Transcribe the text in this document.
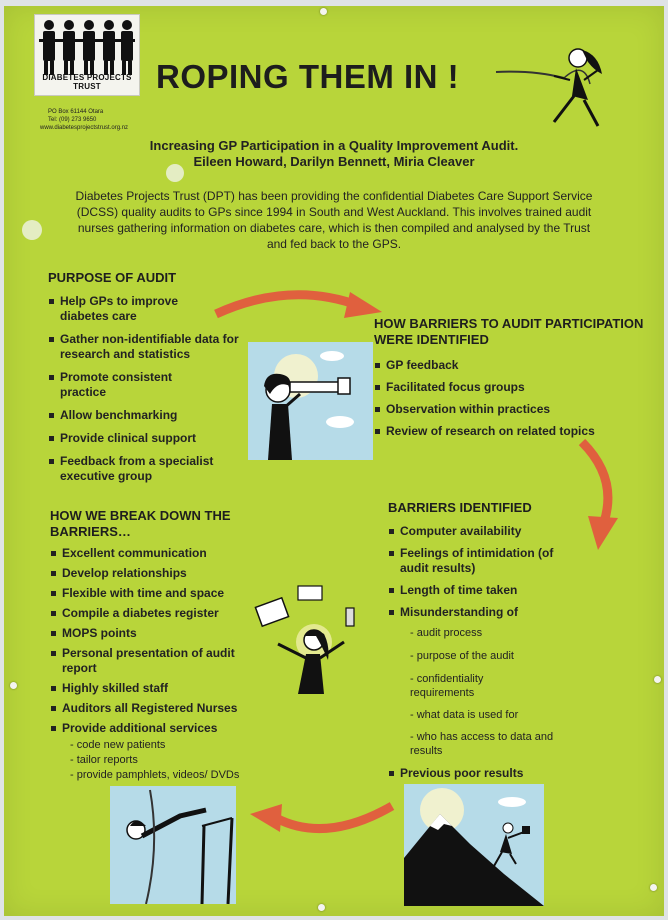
DIABETES PROJECTS TRUST
PO Box 61144 Otara
Tel: (09) 273 9650
www.diabetesprojectstrust.org.nz
ROPING THEM IN !
Increasing GP Participation in a Quality Improvement Audit.
Eileen Howard, Darilyn Bennett, Miria Cleaver
Diabetes Projects Trust (DPT) has been providing the confidential Diabetes Care Support Service (DCSS) quality audits to GPs since 1994 in South and West Auckland. This involves trained audit nurses gathering information on diabetes care, which is then compiled and analysed by the Trust and fed back to the GPS.
PURPOSE OF AUDIT
Help GPs to improve diabetes care
Gather non-identifiable data for research and statistics
Promote consistent practice
Allow benchmarking
Provide clinical support
Feedback from a specialist executive group
HOW BARRIERS TO AUDIT PARTICIPATION WERE IDENTIFIED
GP feedback
Facilitated focus groups
Observation within practices
Review of research on related topics
BARRIERS IDENTIFIED
Computer availability
Feelings of intimidation (of audit results)
Length of time taken
Misunderstanding of
- audit process
- purpose of the audit
- confidentiality requirements
- what data is used for
- who has access to data and results
Previous poor results
HOW WE BREAK DOWN THE BARRIERS…
Excellent communication
Develop relationships
Flexible with time and space
Compile a diabetes register
MOPS points
Personal presentation of audit report
Highly skilled staff
Auditors all Registered Nurses
Provide additional services
- code new patients
- tailor reports
- provide pamphlets, videos/ DVDs
